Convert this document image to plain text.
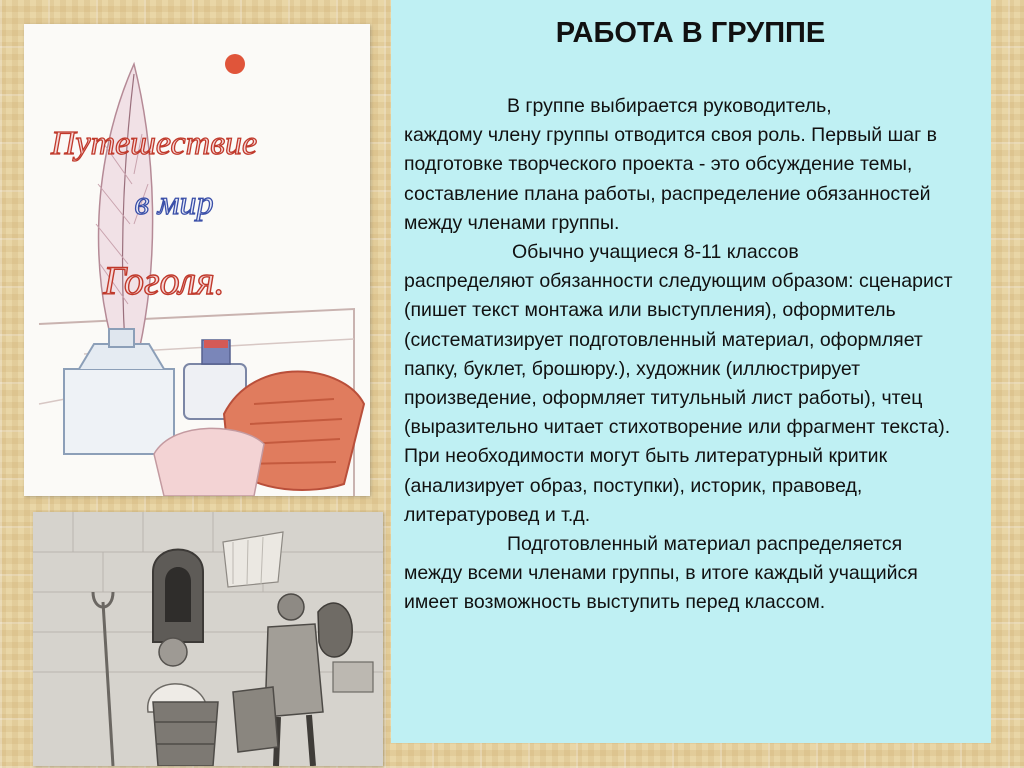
Путешествие
в мир
Гоголя.
РАБОТА В ГРУППЕ

В группе выбирается руководитель,
каждому члену группы отводится своя роль. Первый шаг в подготовке творческого проекта - это обсуждение темы, составление плана работы, распределение обязанностей между членами группы.

Обычно учащиеся 8-11 классов
распределяют обязанности следующим образом: сценарист (пишет текст монтажа или выступления), оформитель (систематизирует подготовленный материал, оформляет папку, буклет, брошюру.), художник (иллюстрирует произведение, оформляет титульный лист работы), чтец (выразительно читает стихотворение или фрагмент текста). При необходимости могут быть литературный критик (анализирует образ, поступки), историк, правовед, литературовед и т.д.

Подготовленный материал распределяется
между всеми членами группы, в итоге каждый учащийся имеет возможность выступить перед классом.
